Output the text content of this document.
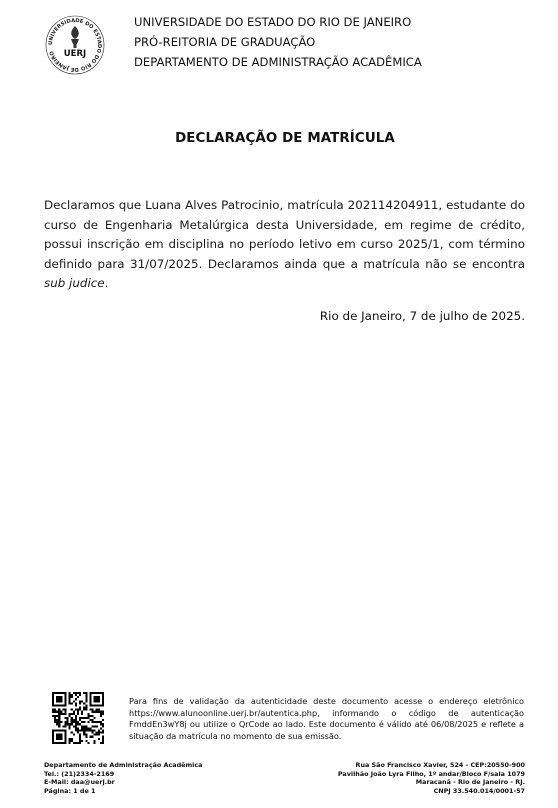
UNIVERSIDADE DO ESTADO DO RIO DE JANEIRO UERJ
UNIVERSIDADE DO ESTADO DO RIO DE JANEIRO
PRÓ-REITORIA DE GRADUAÇÃO
DEPARTAMENTO DE ADMINISTRAÇÃO ACADÊMICA
DECLARAÇÃO DE MATRÍCULA
Declaramos que Luana Alves Patrocinio, matrícula 202114204911, estudante do curso de Engenharia Metalúrgica desta Universidade, em regime de crédito, possui inscrição em disciplina no período letivo em curso 2025/1, com término definido para 31/07/2025. Declaramos ainda que a matrícula não se encontra sub judice.
Rio de Janeiro, 7 de julho de 2025.
Para fins de validação da autenticidade deste documento acesse o endereço eletrônico https://www.alunoonline.uerj.br/autentica.php, informando o código de autenticação FmddEn3wY8j ou utilize o QrCode ao lado. Este documento é válido até 06/08/2025 e reflete a situação da matrícula no momento de sua emissão.
Departamento de Administração Acadêmica
Tel.: (21)2334-2169
E-Mail: daa@uerj.br
Página: 1 de 1
Rua São Francisco Xavier, 524 - CEP:20550-900
Pavilhão João Lyra Filho, 1º andar/Bloco F/sala 1079
Maracanã - Rio de Janeiro - RJ.
CNPJ 33.540.014/0001-57
